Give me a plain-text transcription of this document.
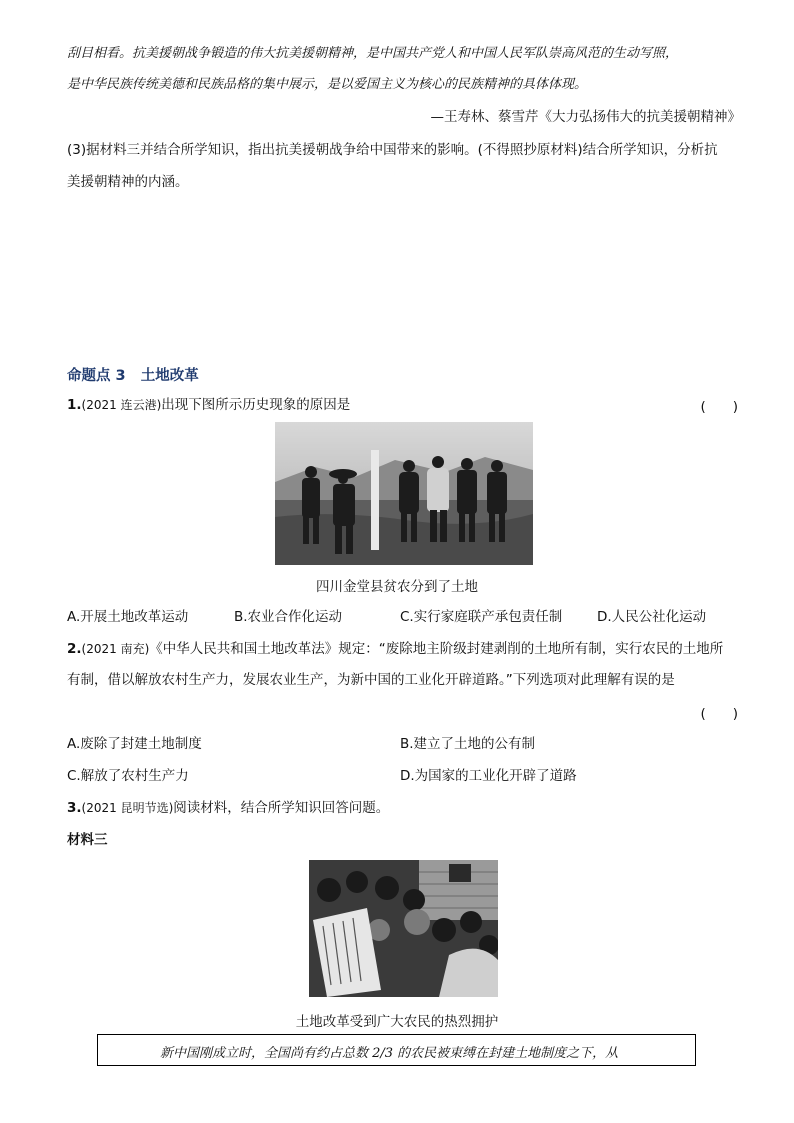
刮目相看。抗美援朝战争锻造的伟大抗美援朝精神，是中国共产党人和中国人民军队崇高风范的生动写照，
是中华民族传统美德和民族品格的集中展示，是以爱国主义为核心的民族精神的具体体现。
—王寿林、蔡雪芹《大力弘扬伟大的抗美援朝精神》
(3)据材料三并结合所学知识，指出抗美援朝战争给中国带来的影响。(不得照抄原材料)结合所学知识，分析抗
美援朝精神的内涵。
命题点 3 土地改革
1.(2021 连云港)出现下图所示历史现象的原因是	(　　)
四川金堂县贫农分到了土地
A.开展土地改革运动	B.农业合作化运动	C.实行家庭联产承包责任制	D.人民公社化运动
2.(2021 南充)《中华人民共和国土地改革法》规定：“废除地主阶级封建剥削的土地所有制，实行农民的土地所
有制，借以解放农村生产力，发展农业生产，为新中国的工业化开辟道路。”下列选项对此理解有误的是
(　　)
A.废除了封建土地制度	B.建立了土地的公有制
C.解放了农村生产力	D.为国家的工业化开辟了道路
3.(2021 昆明节选)阅读材料，结合所学知识回答问题。
材料三
土地改革受到广大农民的热烈拥护
新中国刚成立时，全国尚有约占总数 2/3 的农民被束缚在封建土地制度之下，从
